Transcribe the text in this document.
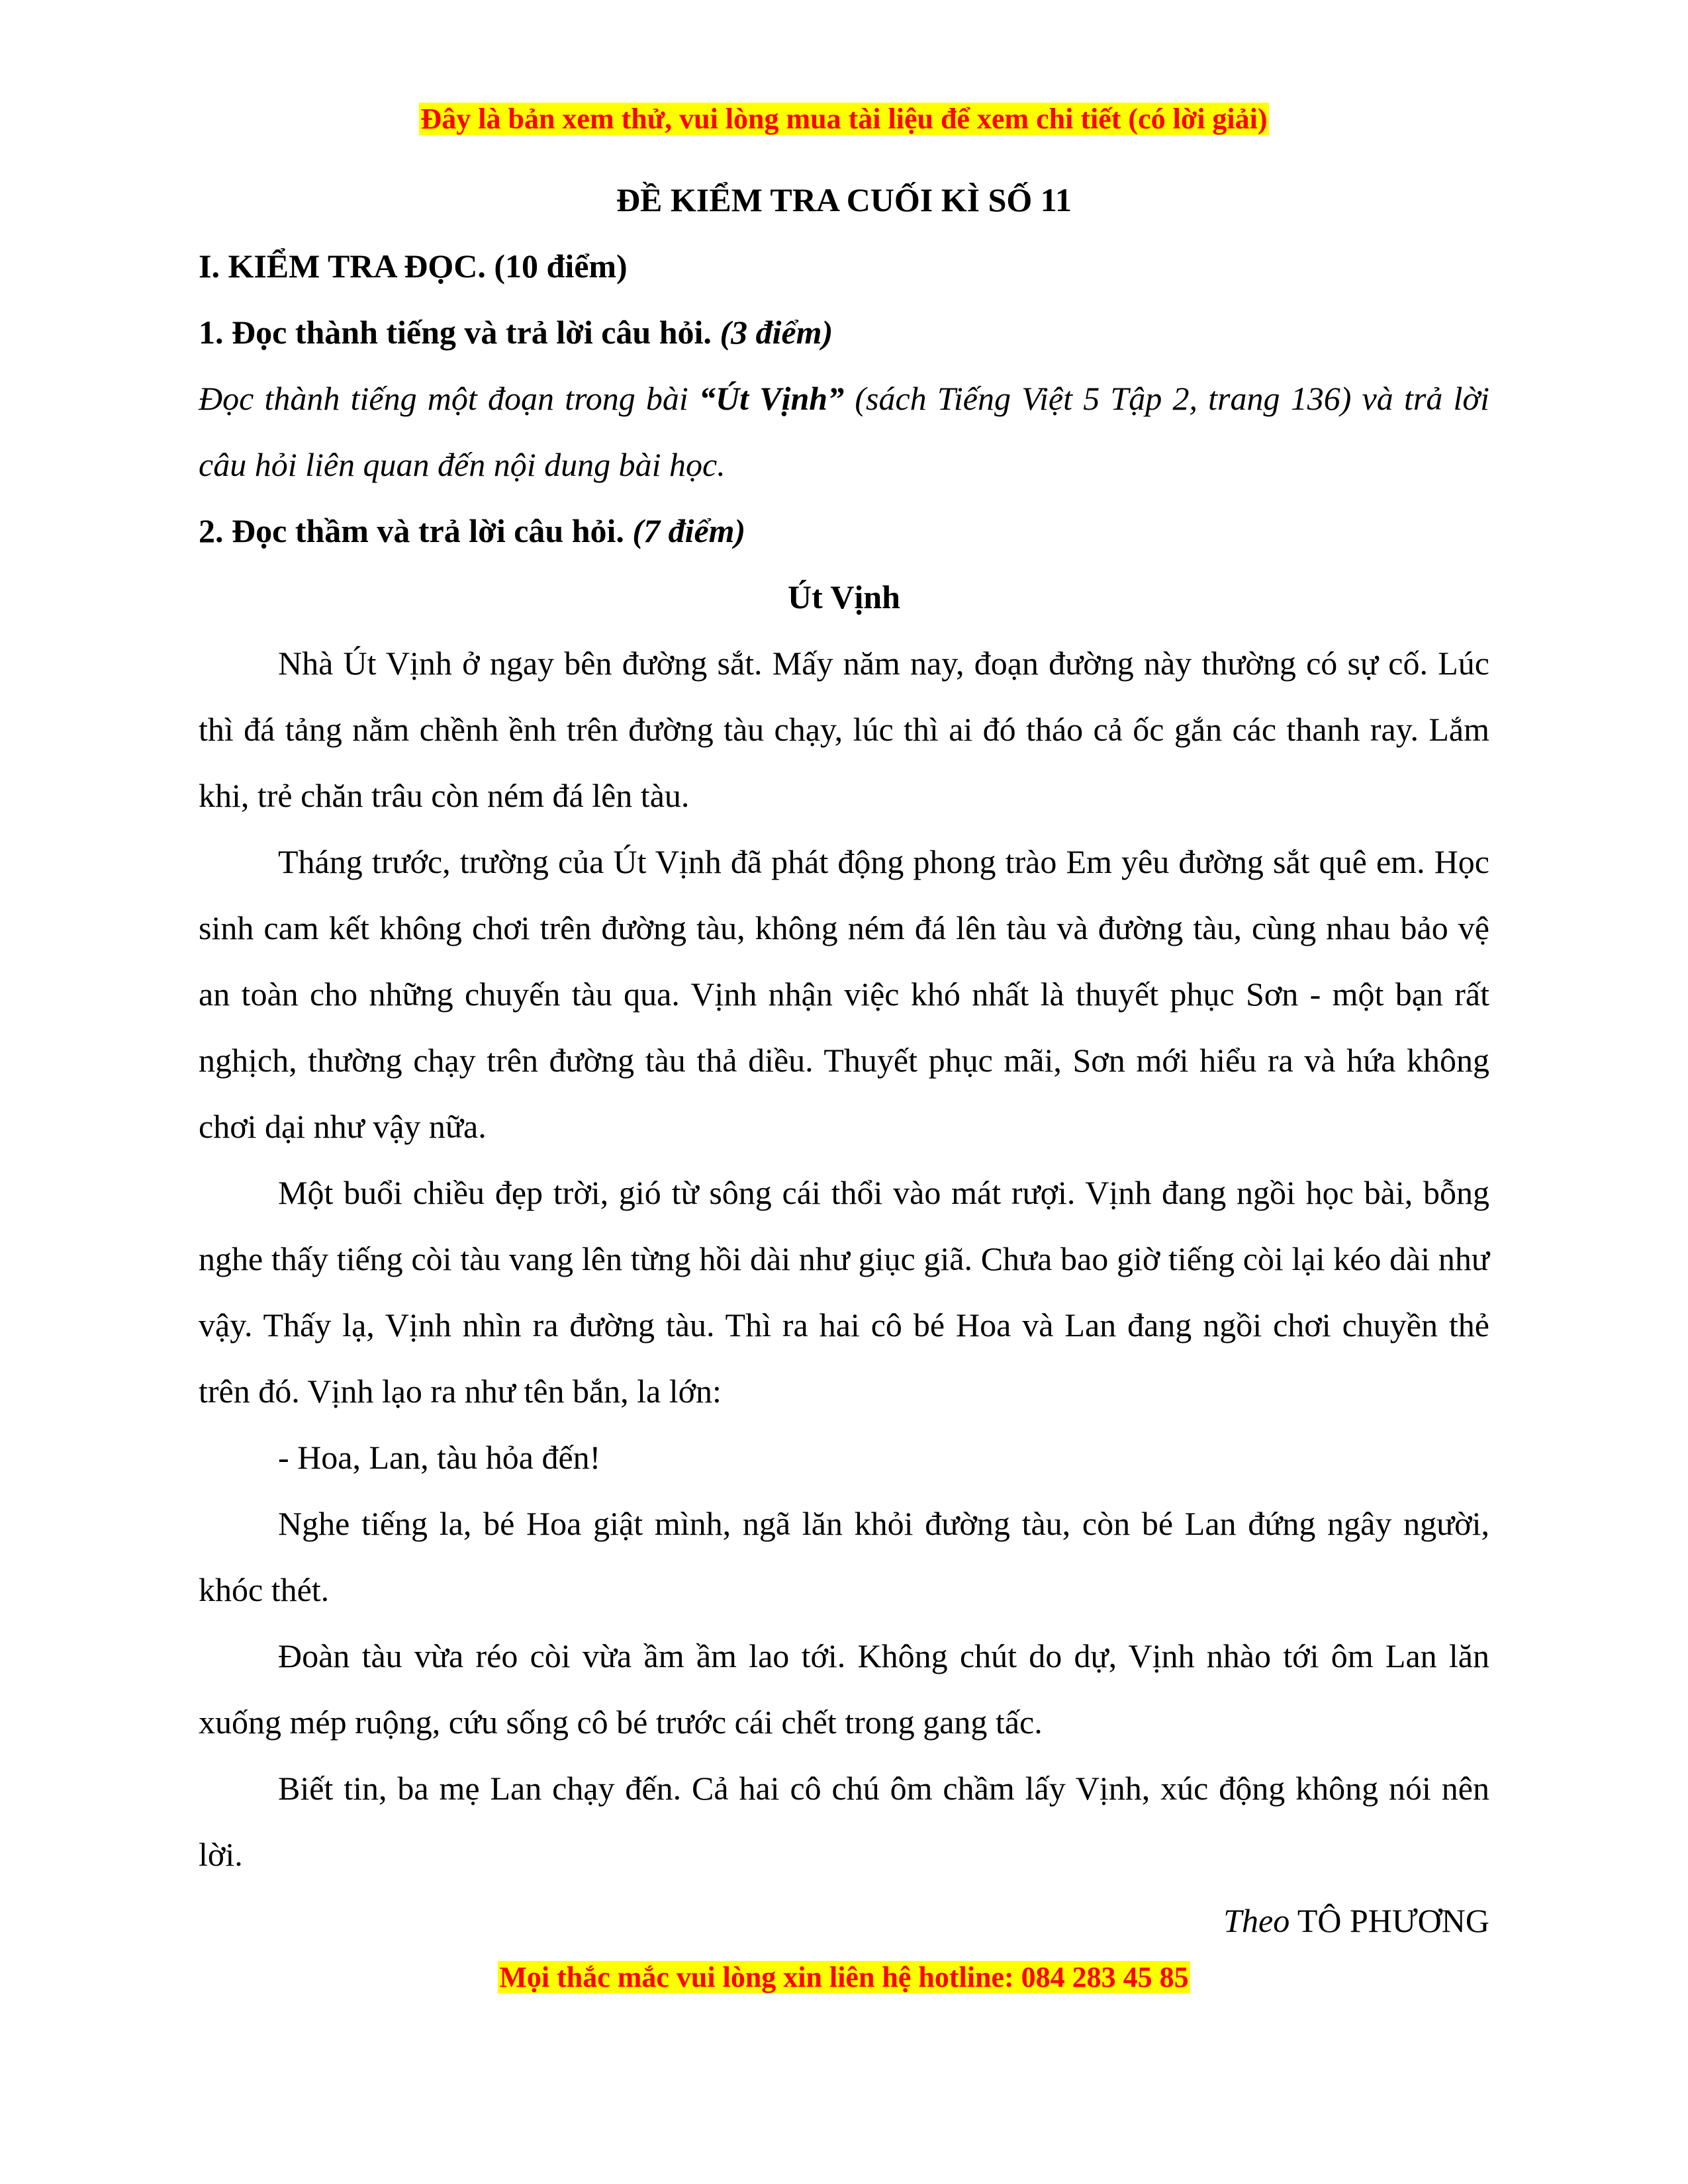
Đây là bản xem thử, vui lòng mua tài liệu để xem chi tiết (có lời giải)
ĐỀ KIỂM TRA CUỐI KÌ SỐ 11
I. KIỂM TRA ĐỌC. (10 điểm)
1. Đọc thành tiếng và trả lời câu hỏi. (3 điểm)
Đọc thành tiếng một đoạn trong bài “Út Vịnh” (sách Tiếng Việt 5 Tập 2, trang 136) và trả lời câu hỏi liên quan đến nội dung bài học.
2. Đọc thầm và trả lời câu hỏi. (7 điểm)
Út Vịnh
Nhà Út Vịnh ở ngay bên đường sắt. Mấy năm nay, đoạn đường này thường có sự cố. Lúc thì đá tảng nằm chềnh ềnh trên đường tàu chạy, lúc thì ai đó tháo cả ốc gắn các thanh ray. Lắm khi, trẻ chăn trâu còn ném đá lên tàu.
Tháng trước, trường của Út Vịnh đã phát động phong trào Em yêu đường sắt quê em. Học sinh cam kết không chơi trên đường tàu, không ném đá lên tàu và đường tàu, cùng nhau bảo vệ an toàn cho những chuyến tàu qua. Vịnh nhận việc khó nhất là thuyết phục Sơn - một bạn rất nghịch, thường chạy trên đường tàu thả diều. Thuyết phục mãi, Sơn mới hiểu ra và hứa không chơi dại như vậy nữa.
Một buổi chiều đẹp trời, gió từ sông cái thổi vào mát rượi. Vịnh đang ngồi học bài, bỗng nghe thấy tiếng còi tàu vang lên từng hồi dài như giục giã. Chưa bao giờ tiếng còi lại kéo dài như vậy. Thấy lạ, Vịnh nhìn ra đường tàu. Thì ra hai cô bé Hoa và Lan đang ngồi chơi chuyền thẻ trên đó. Vịnh lạo ra như tên bắn, la lớn:
- Hoa, Lan, tàu hỏa đến!
Nghe tiếng la, bé Hoa giật mình, ngã lăn khỏi đường tàu, còn bé Lan đứng ngây người, khóc thét.
Đoàn tàu vừa réo còi vừa ầm ầm lao tới. Không chút do dự, Vịnh nhào tới ôm Lan lăn xuống mép ruộng, cứu sống cô bé trước cái chết trong gang tấc.
Biết tin, ba mẹ Lan chạy đến. Cả hai cô chú ôm chầm lấy Vịnh, xúc động không nói nên lời.
Theo TÔ PHƯƠNG
Mọi thắc mắc vui lòng xin liên hệ hotline: 084 283 45 85
